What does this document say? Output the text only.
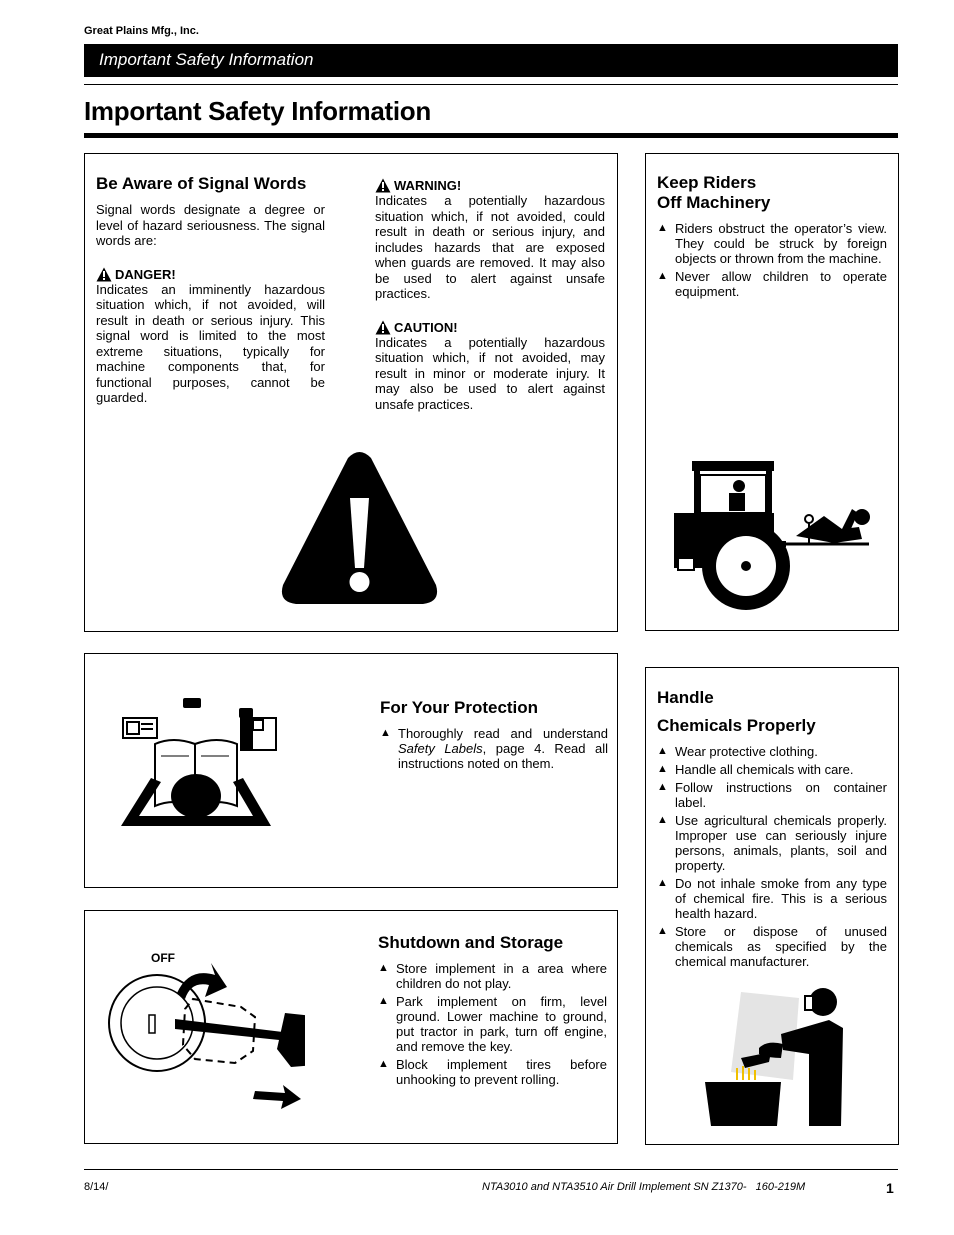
Great Plains Mfg., Inc.
Important Safety Information
Important Safety Information
Be Aware of Signal Words

Signal words designate a degree or level of hazard seriousness. The signal words are:

DANGER!

Indicates an imminently hazardous situation which, if not avoided, will result in death or serious injury. This signal word is limited to the most extreme situations, typically for machine components that, for functional purposes, cannot be guarded.

WARNING!

Indicates a potentially hazardous situation which, if not avoided, could result in death or serious injury, and includes hazards that are exposed when guards are removed. It may also be used to alert against unsafe practices.

CAUTION!

Indicates a potentially hazardous situation which, if not avoided, may result in minor or moderate injury. It may also be used to alert against unsafe practices.

Keep Riders
Off Machinery
▲ Riders obstruct the operator’s view. They could be struck by foreign objects or thrown from the machine.
▲ Never allow children to operate equipment.
For Your Protection
▲ Thoroughly read and understand Safety Labels, page 4. Read all instructions noted on them.
Handle
Chemicals Properly
▲ Wear protective clothing.
▲ Handle all chemicals with care.
▲ Follow instructions on container label.
▲ Use agricultural chemicals properly. Improper use can seriously injure persons, animals, plants, soil and property.
▲ Do not inhale smoke from any type of chemical fire. This is a serious health hazard.
▲ Store or dispose of unused chemicals as specified by the chemical manufacturer.
OFF
Shutdown and Storage
▲ Store implement in a area where children do not play.
▲ Park implement on firm, level ground. Lower machine to ground, put tractor in park, turn off engine, and remove the key.
▲ Block implement tires before unhooking to prevent rolling.
8/14/	NTA3010 and NTA3510 Air Drill Implement SN Z1370-   160-219M	1
